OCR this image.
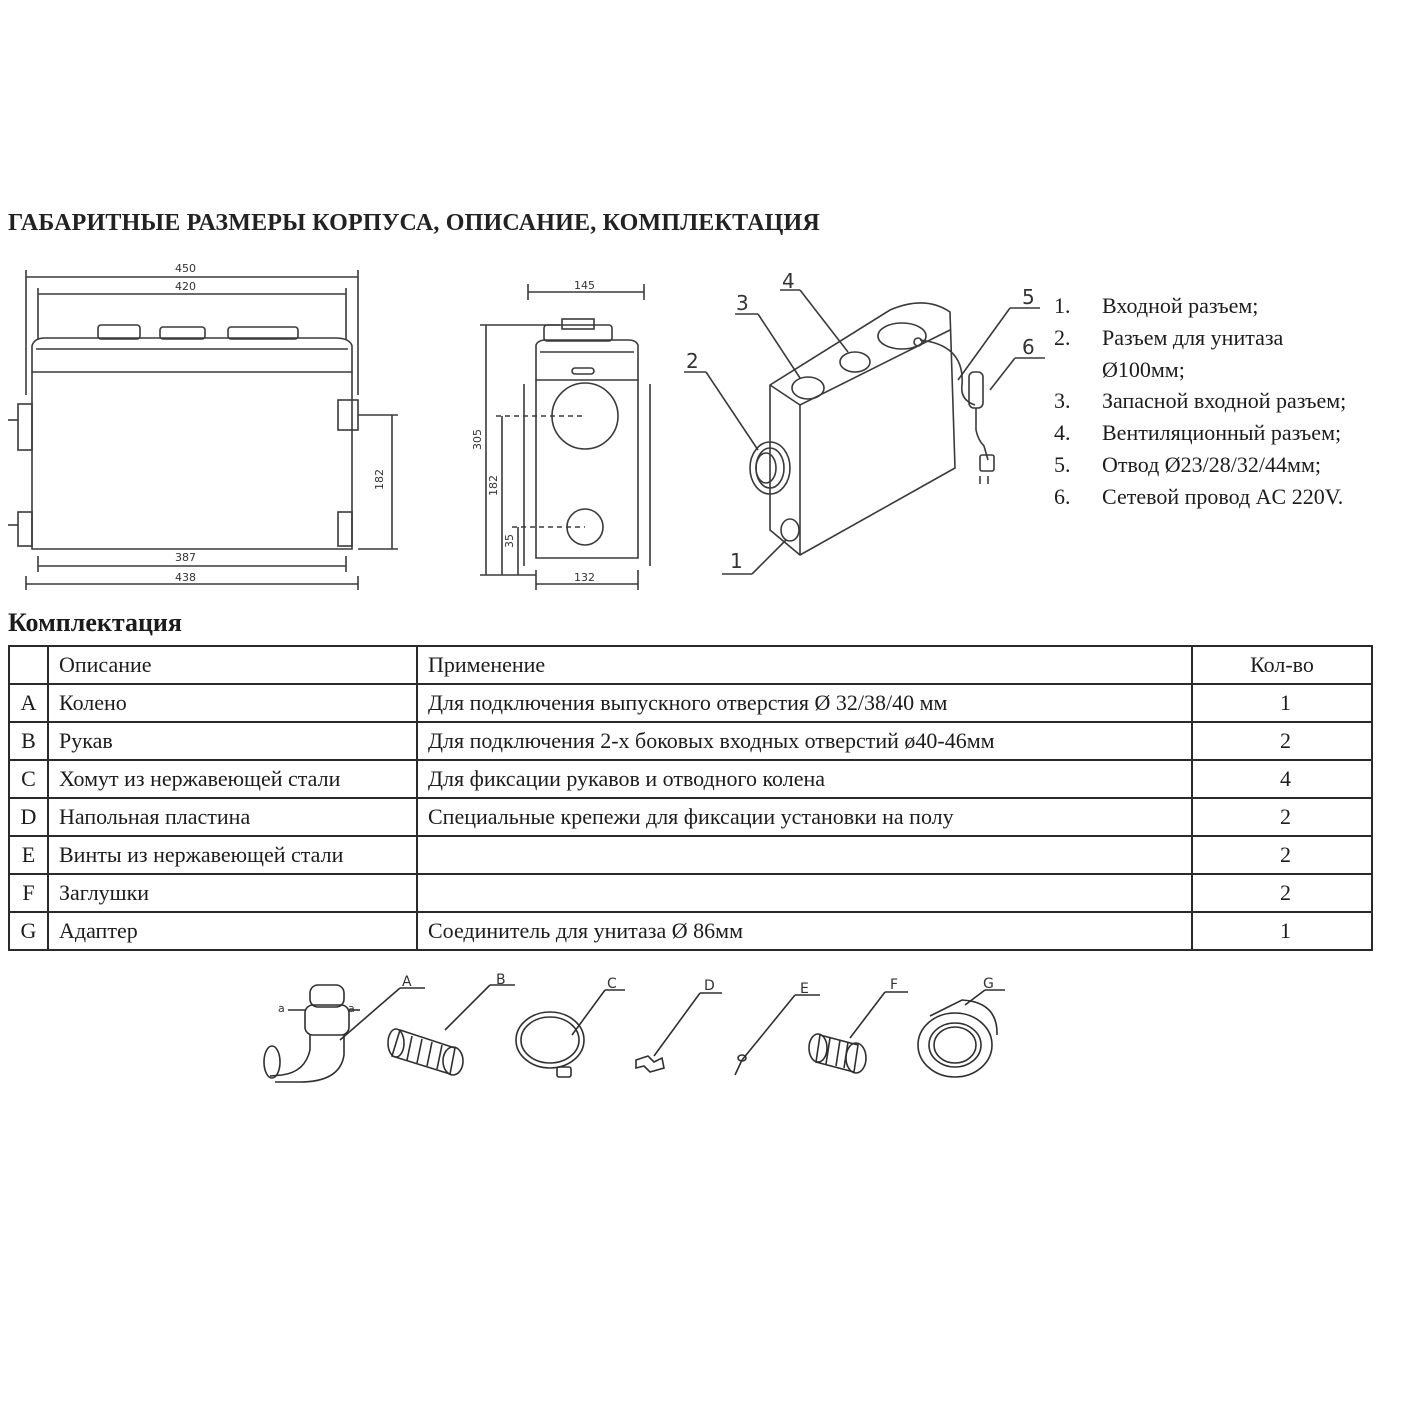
ГАБАРИТНЫЕ РАЗМЕРЫ КОРПУСА, ОПИСАНИЕ, КОМПЛЕКТАЦИЯ
450
420
182
387
438
145
305
182
35
132
1
2
3
4
5
6
1.	Входной разъем;
2.	Разъем для унитаза
Ø100мм;
3.	Запасной входной разъем;
4.	Вентиляционный разъем;
5.	Отвод Ø23/28/32/44мм;
6.	Сетевой провод AC 220V.
Комплектация
	Описание	Применение	Кол-во
A	Колено	Для подключения выпускного отверстия Ø 32/38/40 мм	1
B	Рукав	Для подключения 2-х боковых входных отверстий ø40-46мм	2
C	Хомут из нержавеющей стали	Для фиксации рукавов и отводного колена	4
D	Напольная пластина	Специальные крепежи для фиксации установки на полу	2
E	Винты из нержавеющей стали		2
F	Заглушки		2
G	Адаптер	Соединитель для унитаза Ø 86мм	1
A	B	C	D	E	F	G
a	a
